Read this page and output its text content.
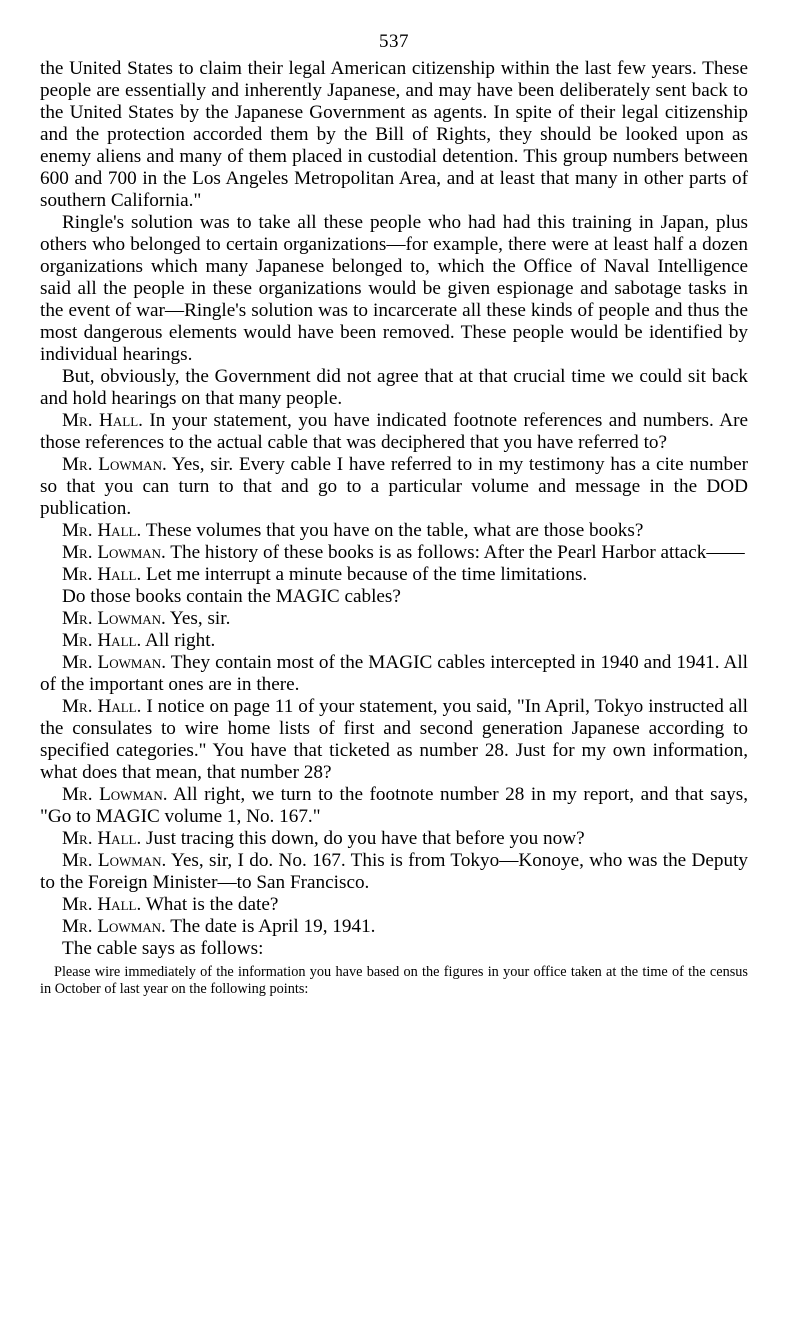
537

the United States to claim their legal American citizenship within the last few years. These people are essentially and inherently Japanese, and may have been deliberately sent back to the United States by the Japanese Government as agents. In spite of their legal citizenship and the protection accorded them by the Bill of Rights, they should be looked upon as enemy aliens and many of them placed in custodial detention. This group numbers between 600 and 700 in the Los Angeles Metropolitan Area, and at least that many in other parts of southern California."

Ringle's solution was to take all these people who had had this training in Japan, plus others who belonged to certain organizations—for example, there were at least half a dozen organizations which many Japanese belonged to, which the Office of Naval Intelligence said all the people in these organizations would be given espionage and sabotage tasks in the event of war—Ringle's solution was to incarcerate all these kinds of people and thus the most dangerous elements would have been removed. These people would be identified by individual hearings.

But, obviously, the Government did not agree that at that crucial time we could sit back and hold hearings on that many people.

Mr. Hall. In your statement, you have indicated footnote references and numbers. Are those references to the actual cable that was deciphered that you have referred to?

Mr. Lowman. Yes, sir. Every cable I have referred to in my testimony has a cite number so that you can turn to that and go to a particular volume and message in the DOD publication.

Mr. Hall. These volumes that you have on the table, what are those books?

Mr. Lowman. The history of these books is as follows: After the Pearl Harbor attack——

Mr. Hall. Let me interrupt a minute because of the time limitations.

Do those books contain the MAGIC cables?

Mr. Lowman. Yes, sir.

Mr. Hall. All right.

Mr. Lowman. They contain most of the MAGIC cables intercepted in 1940 and 1941. All of the important ones are in there.

Mr. Hall. I notice on page 11 of your statement, you said, "In April, Tokyo instructed all the consulates to wire home lists of first and second generation Japanese according to specified categories." You have that ticketed as number 28. Just for my own information, what does that mean, that number 28?

Mr. Lowman. All right, we turn to the footnote number 28 in my report, and that says, "Go to MAGIC volume 1, No. 167."

Mr. Hall. Just tracing this down, do you have that before you now?

Mr. Lowman. Yes, sir, I do. No. 167. This is from Tokyo—Konoye, who was the Deputy to the Foreign Minister—to San Francisco.

Mr. Hall. What is the date?

Mr. Lowman. The date is April 19, 1941.

The cable says as follows:

Please wire immediately of the information you have based on the figures in your office taken at the time of the census in October of last year on the following points:
